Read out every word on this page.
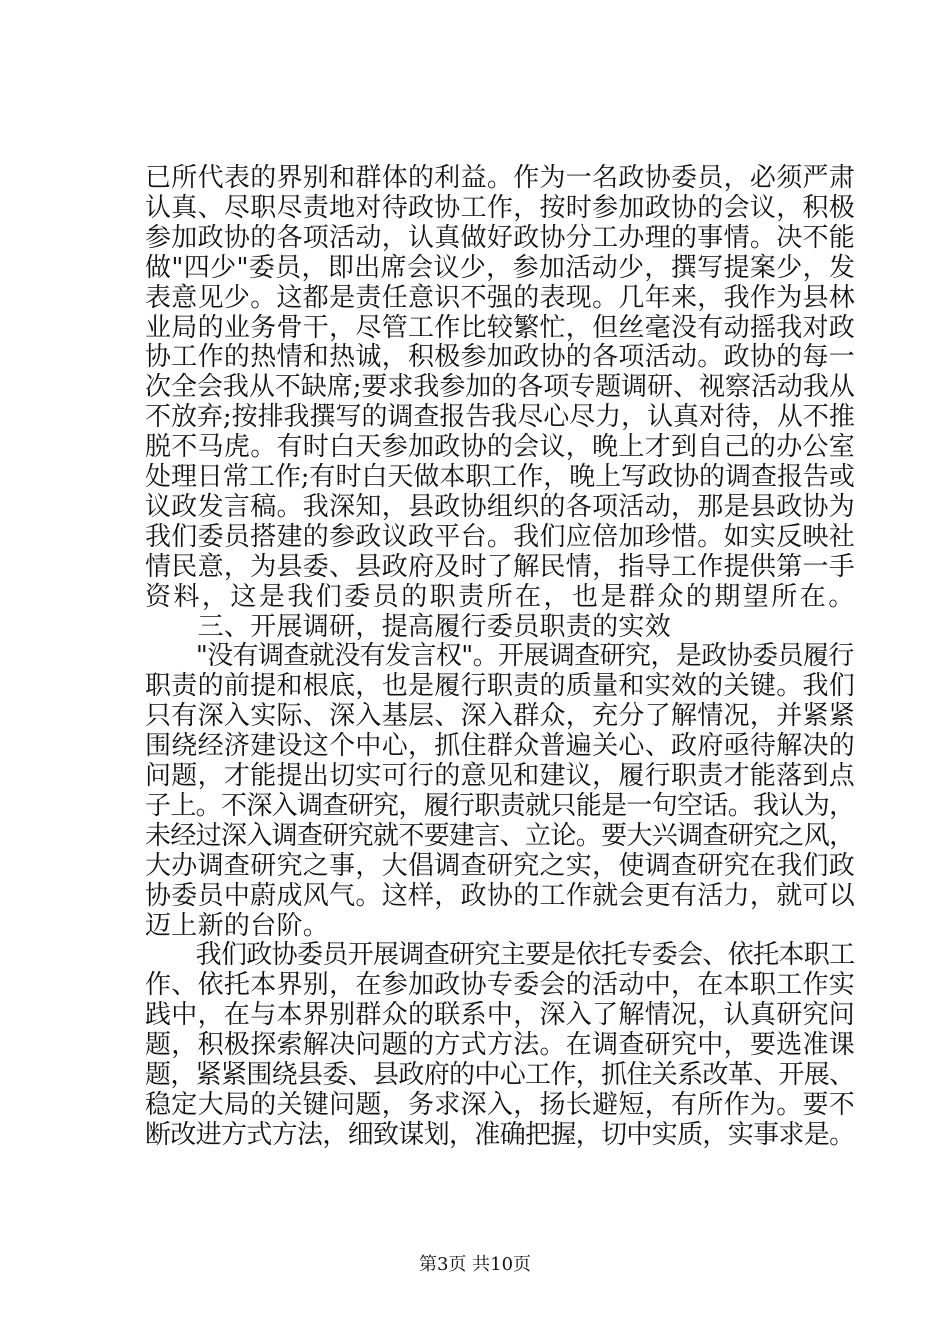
已所代表的界别和群体的利益。作为一名政协委员，必须严肃
认真、尽职尽责地对待政协工作，按时参加政协的会议，积极
参加政协的各项活动，认真做好政协分工办理的事情。决不能
做"四少"委员，即出席会议少，参加活动少，撰写提案少，发
表意见少。这都是责任意识不强的表现。几年来，我作为县林
业局的业务骨干，尽管工作比较繁忙，但丝毫没有动摇我对政
协工作的热情和热诚，积极参加政协的各项活动。政协的每一
次全会我从不缺席;要求我参加的各项专题调研、视察活动我从
不放弃;按排我撰写的调查报告我尽心尽力，认真对待，从不推
脱不马虎。有时白天参加政协的会议，晚上才到自己的办公室
处理日常工作;有时白天做本职工作，晚上写政协的调查报告或
议政发言稿。我深知，县政协组织的各项活动，那是县政协为
我们委员搭建的参政议政平台。我们应倍加珍惜。如实反映社
情民意，为县委、县政府及时了解民情，指导工作提供第一手
资料，这是我们委员的职责所在，也是群众的期望所在。
　　三、开展调研，提高履行委员职责的实效
　　"没有调查就没有发言权"。开展调查研究，是政协委员履行
职责的前提和根底，也是履行职责的质量和实效的关键。我们
只有深入实际、深入基层、深入群众，充分了解情况，并紧紧
围绕经济建设这个中心，抓住群众普遍关心、政府亟待解决的
问题，才能提出切实可行的意见和建议，履行职责才能落到点
子上。不深入调查研究，履行职责就只能是一句空话。我认为，
未经过深入调查研究就不要建言、立论。要大兴调查研究之风，
大办调查研究之事，大倡调查研究之实，使调查研究在我们政
协委员中蔚成风气。这样，政协的工作就会更有活力，就可以
迈上新的台阶。
　　我们政协委员开展调查研究主要是依托专委会、依托本职工
作、依托本界别，在参加政协专委会的活动中，在本职工作实
践中，在与本界别群众的联系中，深入了解情况，认真研究问
题，积极探索解决问题的方式方法。在调查研究中，要选准课
题，紧紧围绕县委、县政府的中心工作，抓住关系改革、开展、
稳定大局的关键问题，务求深入，扬长避短，有所作为。要不
断改进方式方法，细致谋划，准确把握，切中实质，实事求是。
第3页 共10页
